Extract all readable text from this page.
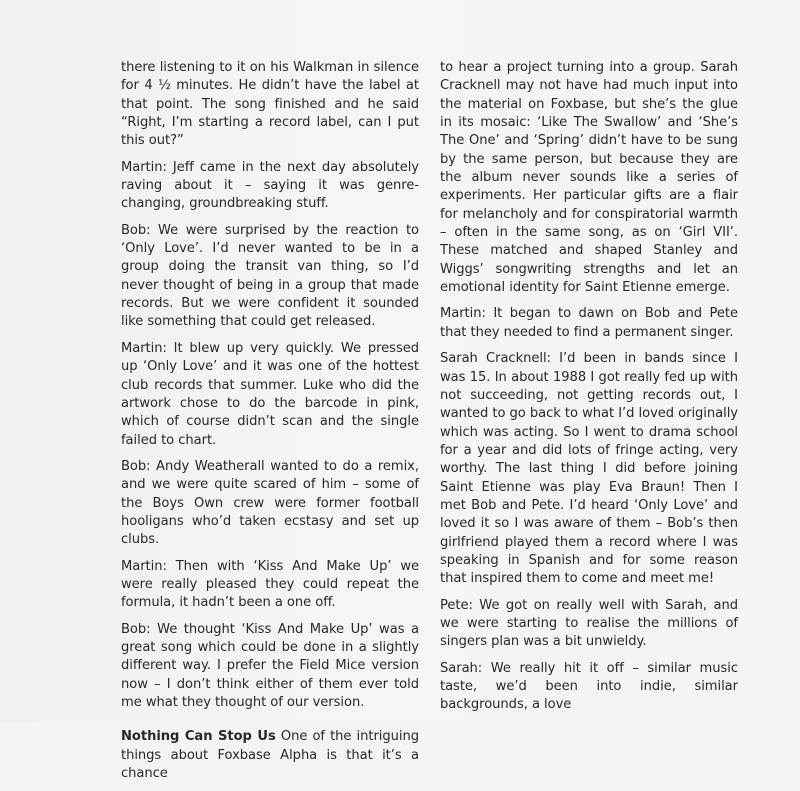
there listening to it on his Walkman in silence for 4 ½ minutes. He didn’t have the label at that point. The song finished and he said “Right, I’m starting a record label, can I put this out?”

Martin: Jeff came in the next day absolutely raving about it – saying it was genre-changing, groundbreaking stuff.

Bob: We were surprised by the reaction to ‘Only Love’. I’d never wanted to be in a group doing the transit van thing, so I’d never thought of being in a group that made records. But we were confident it sounded like something that could get released.

Martin: It blew up very quickly. We pressed up ‘Only Love’ and it was one of the hottest club records that summer. Luke who did the artwork chose to do the barcode in pink, which of course didn’t scan and the single failed to chart.

Bob: Andy Weatherall wanted to do a remix, and we were quite scared of him – some of the Boys Own crew were former football hooligans who’d taken ecstasy and set up clubs.

Martin: Then with ‘Kiss And Make Up’ we were really pleased they could repeat the formula, it hadn’t been a one off.

Bob: We thought ‘Kiss And Make Up’ was a great song which could be done in a slightly different way. I prefer the Field Mice version now – I don’t think either of them ever told me what they thought of our version.

Nothing Can Stop Us One of the intriguing things about Foxbase Alpha is that it’s a chance

to hear a project turning into a group. Sarah Cracknell may not have had much input into the material on Foxbase, but she’s the glue in its mosaic: ‘Like The Swallow’ and ‘She’s The One’ and ‘Spring’ didn’t have to be sung by the same person, but because they are the album never sounds like a series of experiments. Her particular gifts are a flair for melancholy and for conspiratorial warmth – often in the same song, as on ‘Girl VII’. These matched and shaped Stanley and Wiggs’ songwriting strengths and let an emotional identity for Saint Etienne emerge.

Martin: It began to dawn on Bob and Pete that they needed to find a permanent singer.

Sarah Cracknell: I’d been in bands since I was 15. In about 1988 I got really fed up with not succeeding, not getting records out, I wanted to go back to what I’d loved originally which was acting. So I went to drama school for a year and did lots of fringe acting, very worthy. The last thing I did before joining Saint Etienne was play Eva Braun! Then I met Bob and Pete. I’d heard ‘Only Love’ and loved it so I was aware of them – Bob’s then girlfriend played them a record where I was speaking in Spanish and for some reason that inspired them to come and meet me!

Pete: We got on really well with Sarah, and we were starting to realise the millions of singers plan was a bit unwieldy.

Sarah: We really hit it off – similar music taste, we’d been into indie, similar backgrounds, a love
